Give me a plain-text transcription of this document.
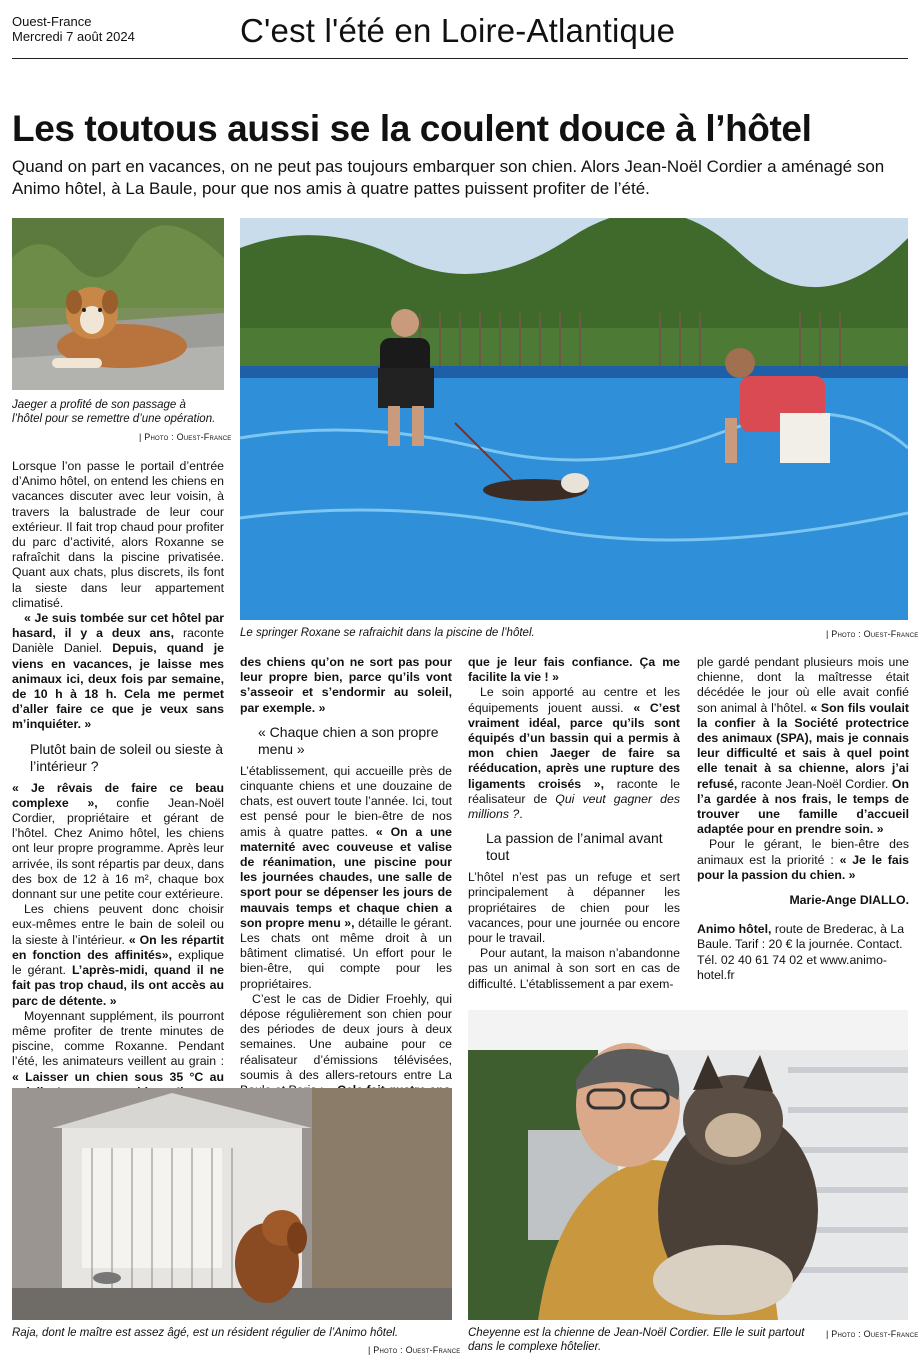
Ouest-France
Mercredi 7 août 2024	C'est l'été en Loire-Atlantique
Les toutous aussi se la coulent douce à l’hôtel
Quand on part en vacances, on ne peut pas toujours embarquer son chien. Alors Jean-Noël Cordier a aménagé son Animo hôtel, à La Baule, pour que nos amis à quatre pattes puissent profiter de l’été.
Jaeger a profité de son passage à l’hôtel pour se remettre d’une opération.
| Photo : Ouest-France
Le springer Roxane se rafraichit dans la piscine de l’hôtel.	| Photo : Ouest-France

Lorsque l’on passe le portail d’entrée d’Animo hôtel, on entend les chiens en vacances discuter avec leur voisin, à travers la balustrade de leur cour extérieur. Il fait trop chaud pour profiter du parc d’activité, alors Roxanne se rafraîchit dans la piscine privatisée. Quant aux chats, plus discrets, ils font la sieste dans leur appartement climatisé.

« Je suis tombée sur cet hôtel par hasard, il y a deux ans, raconte Danièle Daniel. Depuis, quand je viens en vacances, je laisse mes animaux ici, deux fois par semaine, de 10 h à 18 h. Cela me permet d’aller faire ce que je veux sans m’inquiéter. »

Plutôt bain de soleil ou sieste à l’intérieur ?

« Je rêvais de faire ce beau complexe », confie Jean-Noël Cordier, propriétaire et gérant de l’hôtel. Chez Animo hôtel, les chiens ont leur propre programme. Après leur arrivée, ils sont répartis par deux, dans des box de 12 à 16 m², chaque box donnant sur une petite cour extérieure.

Les chiens peuvent donc choisir eux-mêmes entre le bain de soleil ou la sieste à l’intérieur. « On les répartit en fonction des affinités», explique le gérant. L’après-midi, quand il ne fait pas trop chaud, ils ont accès au parc de détente. »

Moyennant supplément, ils pourront même profiter de trente minutes de piscine, comme Roxanne. Pendant l’été, les animateurs veillent au grain : « Laisser un chien sous 35 °C au

des chiens qu’on ne sort pas pour leur propre bien, parce qu’ils vont s’asseoir et s’endormir au soleil, par exemple. »

« Chaque chien a son propre menu »

L’établissement, qui accueille près de cinquante chiens et une douzaine de chats, est ouvert toute l’année. Ici, tout est pensé pour le bien-être de nos amis à quatre pattes. « On a une maternité avec couveuse et valise de réanimation, une piscine pour les journées chaudes, une salle de sport pour se dépenser les jours de mauvais temps et chaque chien a son propre menu », détaille le gérant. Les chats ont même droit à un bâtiment climatisé. Un effort pour le bien-être, qui compte pour les propriétaires.

C’est le cas de Didier Froehly, qui dépose régulièrement son chien pour des périodes de deux jours à deux semaines. Une aubaine pour ce réalisateur d’émissions télévisées, soumis à des allers-retours entre La

que je leur fais confiance. Ça me facilite la vie ! »

Le soin apporté au centre et les équipements jouent aussi. « C’est vraiment idéal, parce qu’ils sont équipés d’un bassin qui a permis à mon chien Jaeger de faire sa rééducation, après une rupture des ligaments croisés », raconte le réalisateur de Qui veut gagner des millions ?.

La passion de l’animal avant tout

L’hôtel n’est pas un refuge et sert principalement à dépanner les propriétaires de chien pour les vacances, pour une journée ou encore pour le travail.

Pour autant, la maison n’abandonne pas un animal à son sort en cas de difficulté. L’établissement a par exem-

ple gardé pendant plusieurs mois une chienne, dont la maîtresse était décédée le jour où elle avait confié son animal à l’hôtel. « Son fils voulait la confier à la Société protectrice des animaux (SPA), mais je connais leur difficulté et sais à quel point elle tenait à sa chienne, alors j’ai refusé, raconte Jean-Noël Cordier. On l’a gardée à nos frais, le temps de trouver une famille d’accueil adaptée pour en prendre soin. »

Pour le gérant, le bien-être des animaux est la priorité : « Je le fais pour la passion du chien. »

Marie-Ange DIALLO.

Animo hôtel, route de Brederac, à La Baule. Tarif : 20 € la journée. Contact. Tél. 02 40 61 74 02 et www.animo-hotel.fr

Raja, dont le maître est assez âgé, est un résident régulier de l’Animo hôtel.
| Photo : Ouest-France
Cheyenne est la chienne de Jean-Noël Cordier. Elle le suit partout dans le complexe hôtelier.
| Photo : Ouest-France
